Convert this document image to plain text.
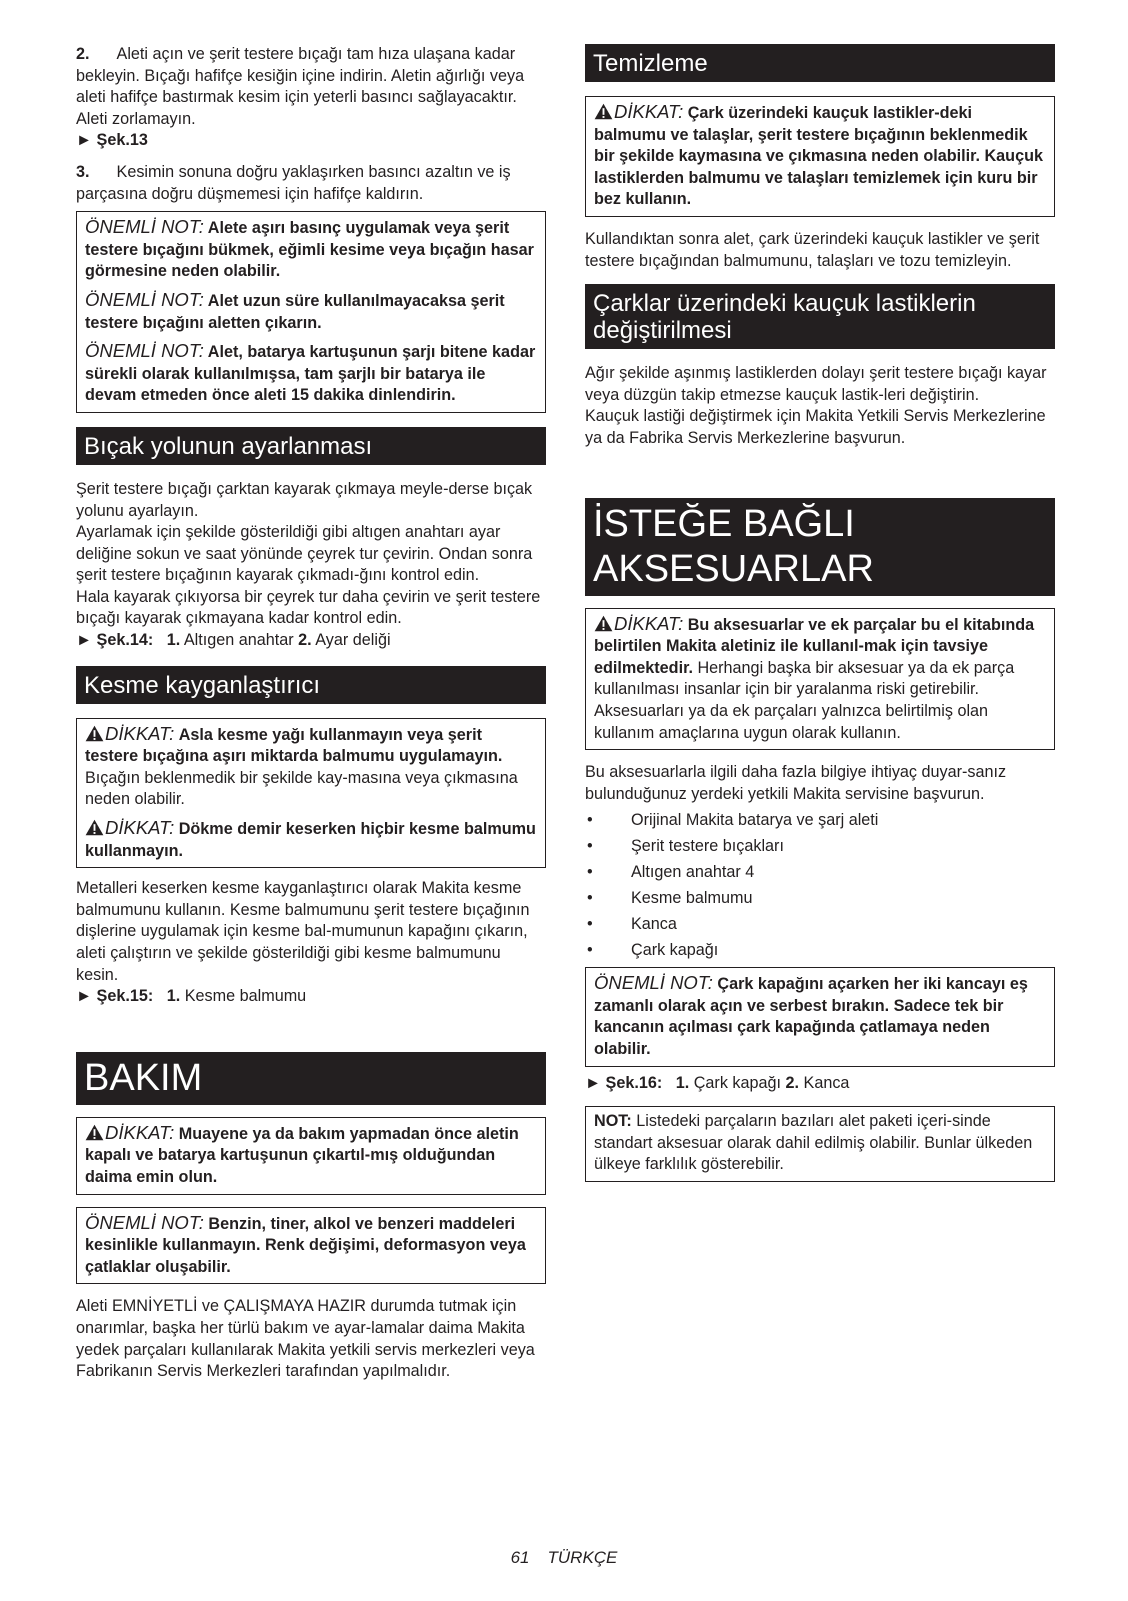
2. Aleti açın ve şerit testere bıçağı tam hıza ulaşana kadar bekleyin. Bıçağı hafifçe kesiğin içine indirin. Aletin ağırlığı veya aleti hafifçe bastırmak kesim için yeterli basıncı sağlayacaktır. Aleti zorlamayın.

► Şek.13

3. Kesimin sonuna doğru yaklaşırken basıncı azaltın ve iş parçasına doğru düşmemesi için hafifçe kaldırın.

ÖNEMLİ NOT: Alete aşırı basınç uygulamak veya şerit testere bıçağını bükmek, eğimli kesime veya bıçağın hasar görmesine neden olabilir.

ÖNEMLİ NOT: Alet uzun süre kullanılmayacaksa şerit testere bıçağını aletten çıkarın.

ÖNEMLİ NOT: Alet, batarya kartuşunun şarjı bitene kadar sürekli olarak kullanılmışsa, tam şarjlı bir batarya ile devam etmeden önce aleti 15 dakika dinlendirin.

Bıçak yolunun ayarlanması

Şerit testere bıçağı çarktan kayarak çıkmaya meyle-derse bıçak yolunu ayarlayın.

Ayarlamak için şekilde gösterildiği gibi altıgen anahtarı ayar deliğine sokun ve saat yönünde çeyrek tur çevirin. Ondan sonra şerit testere bıçağının kayarak çıkmadı-ğını kontrol edin.

Hala kayarak çıkıyorsa bir çeyrek tur daha çevirin ve şerit testere bıçağı kayarak çıkmayana kadar kontrol edin.

► Şek.14: 1. Altıgen anahtar 2. Ayar deliği

Kesme kayganlaştırıcı

DİKKAT: Asla kesme yağı kullanmayın veya şerit testere bıçağına aşırı miktarda balmumu uygulamayın. Bıçağın beklenmedik bir şekilde kay-masına veya çıkmasına neden olabilir.

DİKKAT: Dökme demir keserken hiçbir kesme balmumu kullanmayın.

Metalleri keserken kesme kayganlaştırıcı olarak Makita kesme balmumunu kullanın. Kesme balmumunu şerit testere bıçağının dişlerine uygulamak için kesme bal-mumunun kapağını çıkarın, aleti çalıştırın ve şekilde gösterildiği gibi kesme balmumunu kesin.

► Şek.15: 1. Kesme balmumu

BAKIM

DİKKAT: Muayene ya da bakım yapmadan önce aletin kapalı ve batarya kartuşunun çıkartıl-mış olduğundan daima emin olun.

ÖNEMLİ NOT: Benzin, tiner, alkol ve benzeri maddeleri kesinlikle kullanmayın. Renk değişimi, deformasyon veya çatlaklar oluşabilir.

Aleti EMNİYETLİ ve ÇALIŞMAYA HAZIR durumda tutmak için onarımlar, başka her türlü bakım ve ayar-lamalar daima Makita yedek parçaları kullanılarak Makita yetkili servis merkezleri veya Fabrikanın Servis Merkezleri tarafından yapılmalıdır.

Temizleme

DİKKAT: Çark üzerindeki kauçuk lastikler-deki balmumu ve talaşlar, şerit testere bıçağının beklenmedik bir şekilde kaymasına ve çıkmasına neden olabilir. Kauçuk lastiklerden balmumu ve talaşları temizlemek için kuru bir bez kullanın.

Kullandıktan sonra alet, çark üzerindeki kauçuk lastikler ve şerit testere bıçağından balmumunu, talaşları ve tozu temizleyin.

Çarklar üzerindeki kauçuk lastiklerin değiştirilmesi

Ağır şekilde aşınmış lastiklerden dolayı şerit testere bıçağı kayar veya düzgün takip etmezse kauçuk lastik-leri değiştirin.

Kauçuk lastiği değiştirmek için Makita Yetkili Servis Merkezlerine ya da Fabrika Servis Merkezlerine başvurun.

İSTEĞE BAĞLI AKSESUARLAR

DİKKAT: Bu aksesuarlar ve ek parçalar bu el kitabında belirtilen Makita aletiniz ile kullanıl-mak için tavsiye edilmektedir. Herhangi başka bir aksesuar ya da ek parça kullanılması insanlar için bir yaralanma riski getirebilir. Aksesuarları ya da ek parçaları yalnızca belirtilmiş olan kullanım amaçlarına uygun olarak kullanın.

Bu aksesuarlarla ilgili daha fazla bilgiye ihtiyaç duyar-sanız bulunduğunuz yerdeki yetkili Makita servisine başvurun.

• Orijinal Makita batarya ve şarj aleti
• Şerit testere bıçakları
• Altıgen anahtar 4
• Kesme balmumu
• Kanca
• Çark kapağı

ÖNEMLİ NOT: Çark kapağını açarken her iki kancayı eş zamanlı olarak açın ve serbest bırakın. Sadece tek bir kancanın açılması çark kapağında çatlamaya neden olabilir.

► Şek.16: 1. Çark kapağı 2. Kanca

NOT: Listedeki parçaların bazıları alet paketi içeri-sinde standart aksesuar olarak dahil edilmiş olabilir. Bunlar ülkeden ülkeye farklılık gösterebilir.

61 TÜRKÇE
